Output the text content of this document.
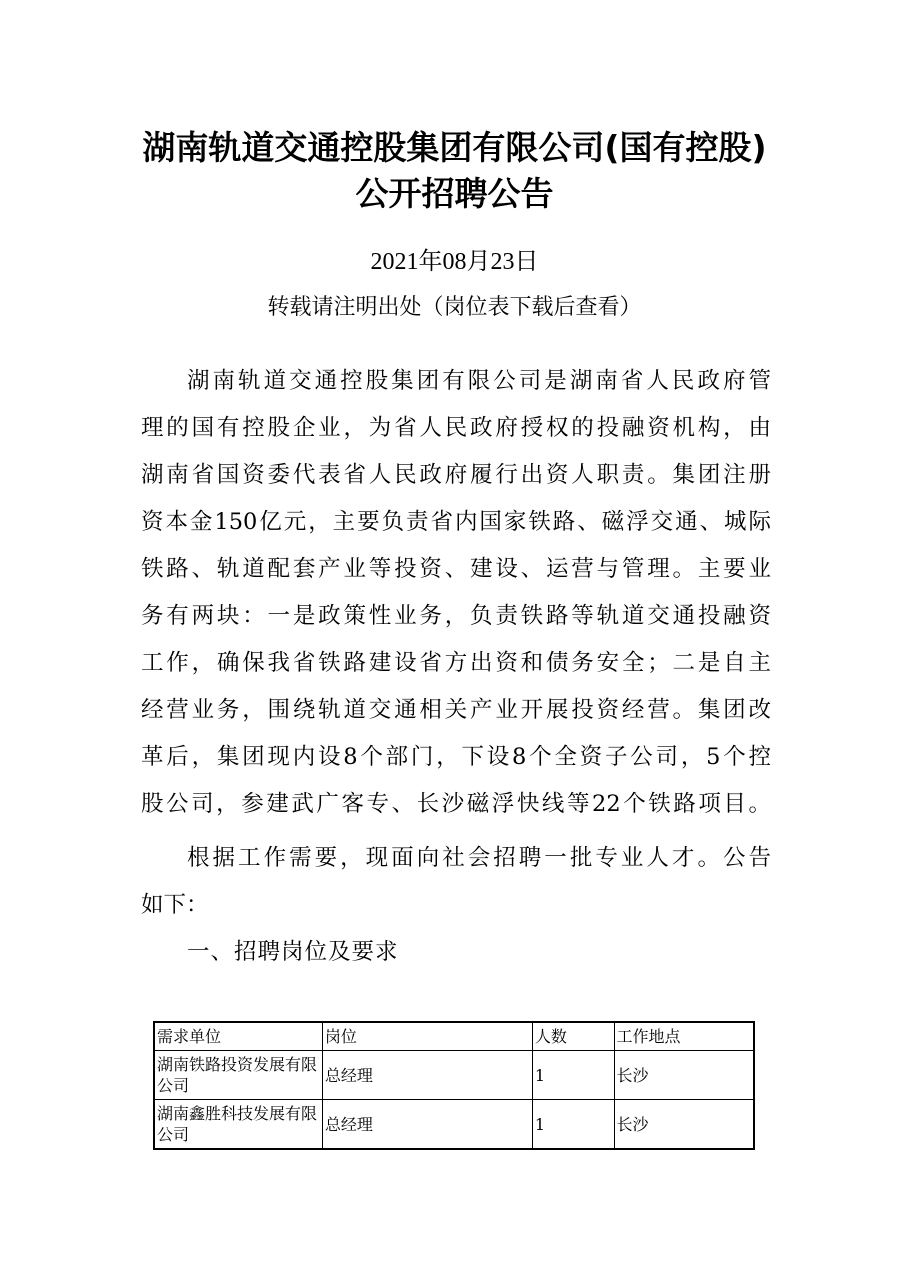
湖南轨道交通控股集团有限公司(国有控股)
公开招聘公告
2021年08月23日
转载请注明出处（岗位表下载后查看）
湖南轨道交通控股集团有限公司是湖南省人民政府管
理的国有控股企业，为省人民政府授权的投融资机构，由
湖南省国资委代表省人民政府履行出资人职责。集团注册
资本金150亿元，主要负责省内国家铁路、磁浮交通、城际
铁路、轨道配套产业等投资、建设、运营与管理。主要业
务有两块：一是政策性业务，负责铁路等轨道交通投融资
工作，确保我省铁路建设省方出资和债务安全；二是自主
经营业务，围绕轨道交通相关产业开展投资经营。集团改
革后，集团现内设8个部门，下设8个全资子公司，5个控
股公司，参建武广客专、长沙磁浮快线等22个铁路项目。
根据工作需要，现面向社会招聘一批专业人才。公告
如下：
一、招聘岗位及要求
需求单位	岗位	人数	工作地点
湖南铁路投资发展有限公司	总经理	1	长沙
湖南鑫胜科技发展有限公司	总经理	1	长沙
